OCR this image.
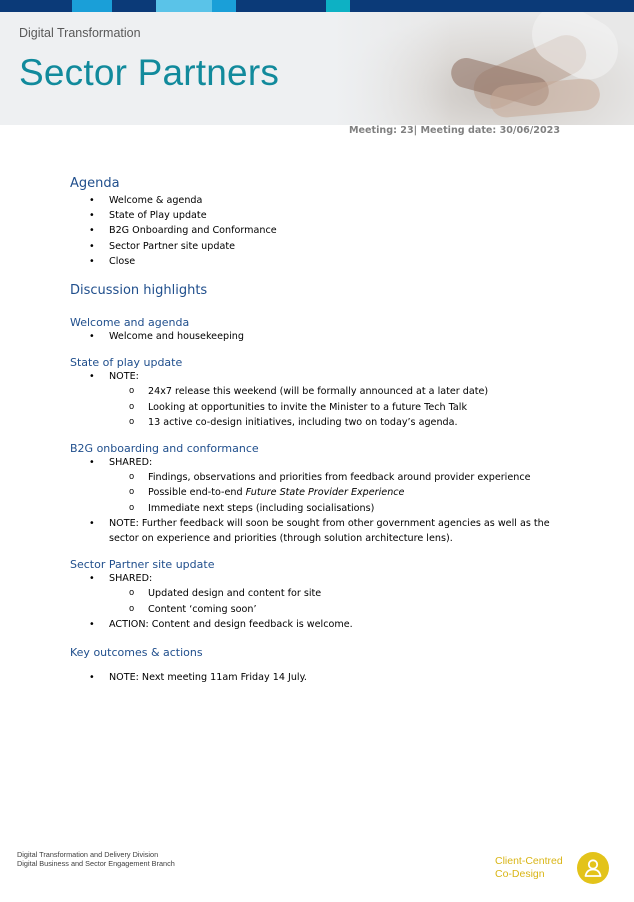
Digital Transformation
Sector Partners
Meeting: 23| Meeting date: 30/06/2023
Agenda
• Welcome & agenda
• State of Play update
• B2G Onboarding and Conformance
• Sector Partner site update
• Close
Discussion highlights
Welcome and agenda
• Welcome and housekeeping
State of play update
• NOTE:
o 24x7 release this weekend (will be formally announced at a later date)
o Looking at opportunities to invite the Minister to a future Tech Talk
o 13 active co-design initiatives, including two on today’s agenda.
B2G onboarding and conformance
• SHARED:
o Findings, observations and priorities from feedback around provider experience
o Possible end-to-end Future State Provider Experience
o Immediate next steps (including socialisations)
• NOTE: Further feedback will soon be sought from other government agencies as well as the sector on experience and priorities (through solution architecture lens).
Sector Partner site update
• SHARED:
o Updated design and content for site
o Content ‘coming soon’
• ACTION: Content and design feedback is welcome.
Key outcomes & actions
• NOTE: Next meeting 11am Friday 14 July.
Digital Transformation and Delivery Division
Digital Business and Sector Engagement Branch	Client-Centred
Co-Design
